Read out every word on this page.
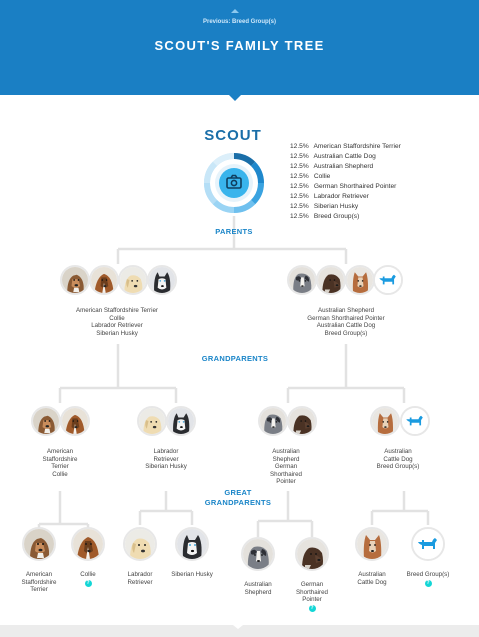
Previous: Breed Group(s)
SCOUT'S FAMILY TREE
SCOUT
12.5% American Staffordshire Terrier
12.5% Australian Cattle Dog
12.5% Australian Shepherd
12.5% Collie
12.5% German Shorthaired Pointer
12.5% Labrador Retriever
12.5% Siberian Husky
12.5% Breed Group(s)
PARENTS
GRANDPARENTS
GREAT
GRANDPARENTS
American Staffordshire Terrier
Collie
Labrador Retriever
Siberian Husky
Australian Shepherd
German Shorthaired Pointer
Australian Cattle Dog
Breed Group(s)
American
Staffordshire
Terrier
Collie
Labrador
Retriever
Siberian Husky
Australian
Shepherd
German
Shorthaired
Pointer
Australian
Cattle Dog
Breed Group(s)
American
Staffordshire
Terrier
Collie
?
Labrador
Retriever
Siberian Husky
Australian
Shepherd
German
Shorthaired
Pointer
?
Australian
Cattle Dog
Breed Group(s)
?
